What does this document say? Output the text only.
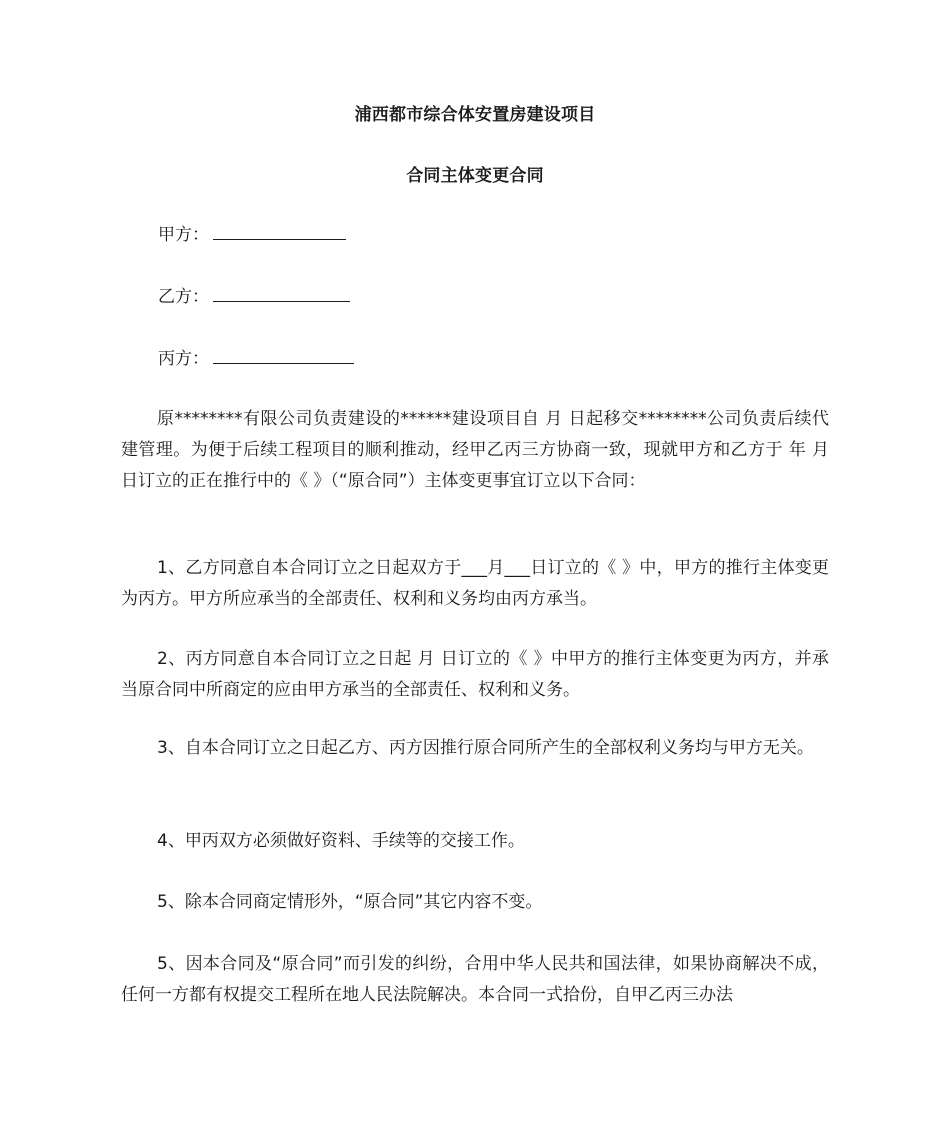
浦西都市综合体安置房建设项目
合同主体变更合同
甲方：
乙方：
丙方：

原********有限公司负责建设的******建设项目自 月 日起移交********公司负责后续代建管理。为便于后续工程项目的顺利推动，经甲乙丙三方协商一致，现就甲方和乙方于 年 月 日订立的正在推行中的《 》（“原合同”）主体变更事宜订立以下合同：

1、乙方同意自本合同订立之日起双方于___月___日订立的《 》中，甲方的推行主体变更为丙方。甲方所应承当的全部责任、权利和义务均由丙方承当。

2、丙方同意自本合同订立之日起 月 日订立的《 》中甲方的推行主体变更为丙方，并承当原合同中所商定的应由甲方承当的全部责任、权利和义务。

3、自本合同订立之日起乙方、丙方因推行原合同所产生的全部权利义务均与甲方无关。

4、甲丙双方必须做好资料、手续等的交接工作。

5、除本合同商定情形外，“原合同”其它内容不变。

5、因本合同及“原合同”而引发的纠纷，合用中华人民共和国法律，如果协商解决不成，任何一方都有权提交工程所在地人民法院解决。本合同一式拾份，自甲乙丙三办法
